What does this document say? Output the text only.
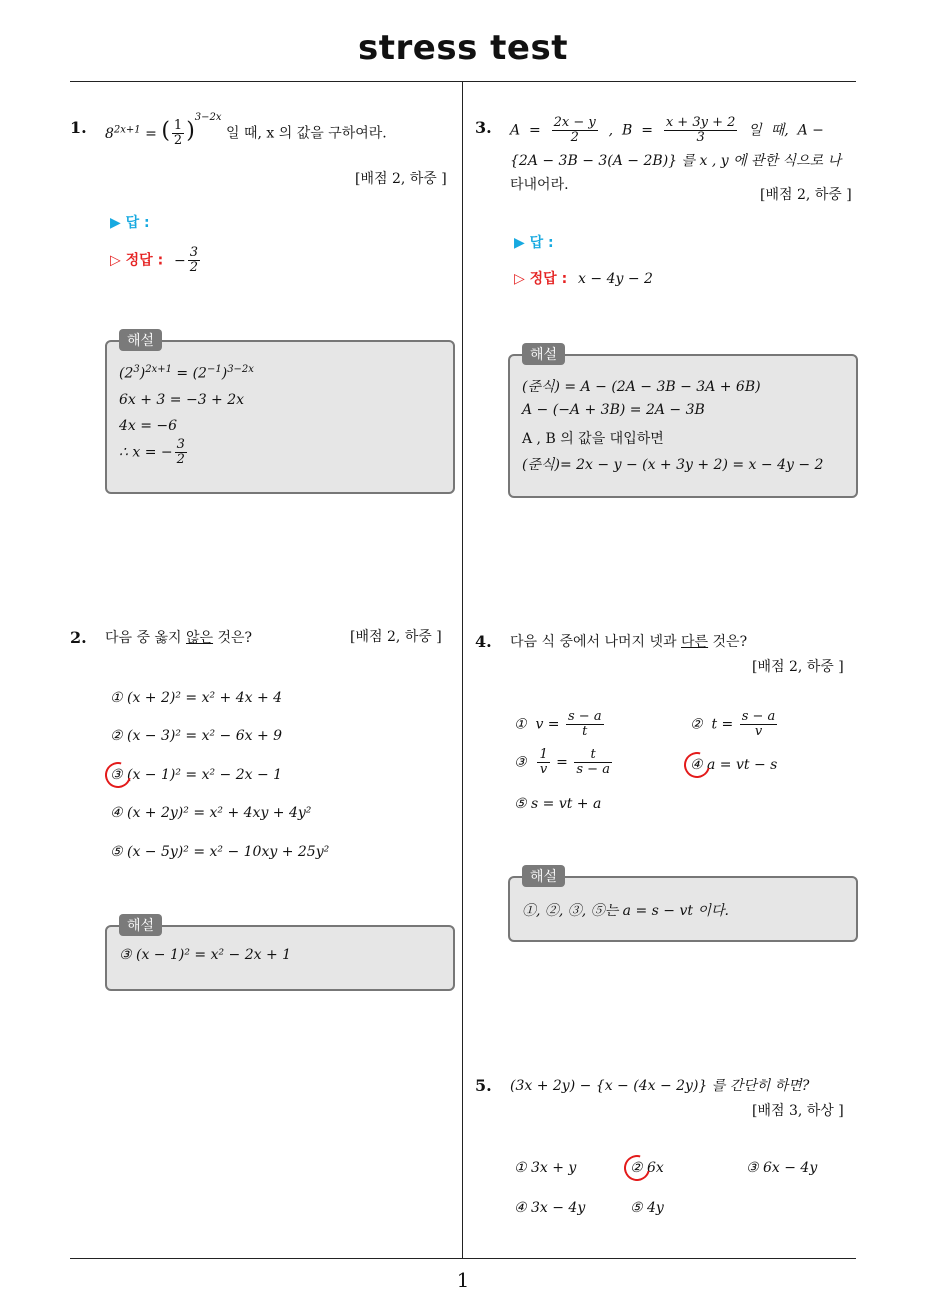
stress test
1
1. $8^{2x+1}$ = ( $\frac{1}{2} )^{3-2x}$ 일 때, x 의 값을 구하여라.
[배점 2, 하중 ]
▶ 답 :
▷ 정답 : − $\frac{3}{2}$
해설
$(2^3)^{2x+1} = (2^{-1})^{3-2x}$
6x + 3 = −3 + 2x
4x = −6
∴ x = − $\frac{3}{2}$
2. 다음 중 옳지 않은 것은?	[배점 2, 하중 ]
① (x + 2)² = x² + 4x + 4
② (x − 3)² = x² − 6x + 9
③ (x − 1)² = x² − 2x − 1
④ (x + 2y)² = x² + 4xy + 4y²
⑤ (x − 5y)² = x² − 10xy + 25y²
해설
③ (x − 1)² = x² − 2x + 1
3. $A = \frac{2x - y}{2}$ ,  $B = \frac{x + 3y + 2}{3}$ 일  때,  A −
{2A − 3B − 3(A − 2B)} 를 x , y 에 관한 식으로 나
타내어라.
[배점 2, 하중 ]
▶ 답 :
▷ 정답 : x − 4y − 2
해설
(준식) = A − (2A − 3B − 3A + 6B)
A − (−A + 3B) = 2A − 3B
A , B 의 값을 대입하면
(준식)= 2x − y − (x + 3y + 2) = x − 4y − 2
4. 다음 식 중에서 나머지 넷과 다른 것은?
[배점 2, 하중 ]
①  $v = \frac{s - a}{t}$	②  $t = \frac{s - a}{v}$
③ $\frac{1}{v} = \frac{t}{s - a}$	④ a = vt − s
⑤ s = vt + a
해설
①, ②, ③, ⑤는 a = s − vt 이다.
5. (3x + 2y) − {x − (4x − 2y)} 를 간단히 하면?
[배점 3, 하상 ]
① 3x + y	② 6x	③ 6x − 4y
④ 3x − 4y	⑤ 4y
